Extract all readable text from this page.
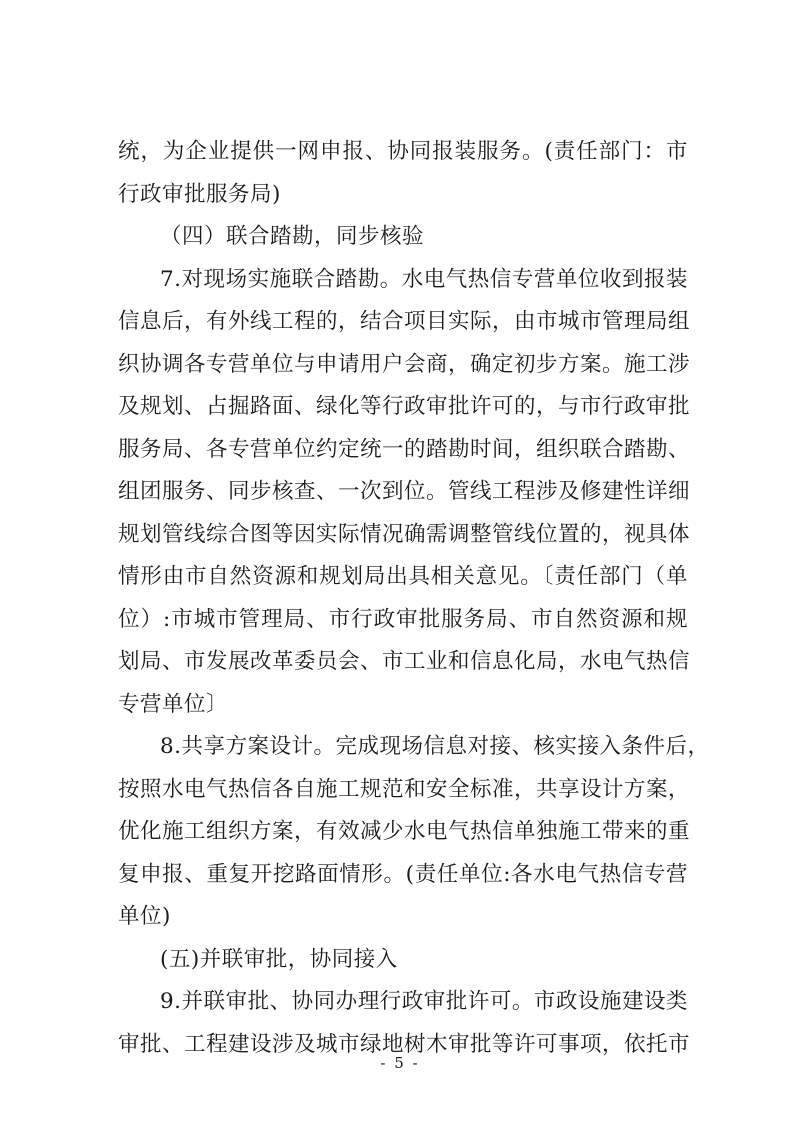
统，为企业提供一网申报、协同报装服务。(责任部门：市
行政审批服务局)
（四）联合踏勘，同步核验
7.对现场实施联合踏勘。水电气热信专营单位收到报装
信息后，有外线工程的，结合项目实际，由市城市管理局组
织协调各专营单位与申请用户会商，确定初步方案。施工涉
及规划、占掘路面、绿化等行政审批许可的，与市行政审批
服务局、各专营单位约定统一的踏勘时间，组织联合踏勘、
组团服务、同步核查、一次到位。管线工程涉及修建性详细
规划管线综合图等因实际情况确需调整管线位置的，视具体
情形由市自然资源和规划局出具相关意见。〔责任部门（单
位）:市城市管理局、市行政审批服务局、市自然资源和规
划局、市发展改革委员会、市工业和信息化局，水电气热信
专营单位〕
8.共享方案设计。完成现场信息对接、核实接入条件后，
按照水电气热信各自施工规范和安全标准，共享设计方案，
优化施工组织方案，有效减少水电气热信单独施工带来的重
复申报、重复开挖路面情形。(责任单位:各水电气热信专营
单位)
(五)并联审批，协同接入
9.并联审批、协同办理行政审批许可。市政设施建设类
审批、工程建设涉及城市绿地树木审批等许可事项，依托市
- 5 -
